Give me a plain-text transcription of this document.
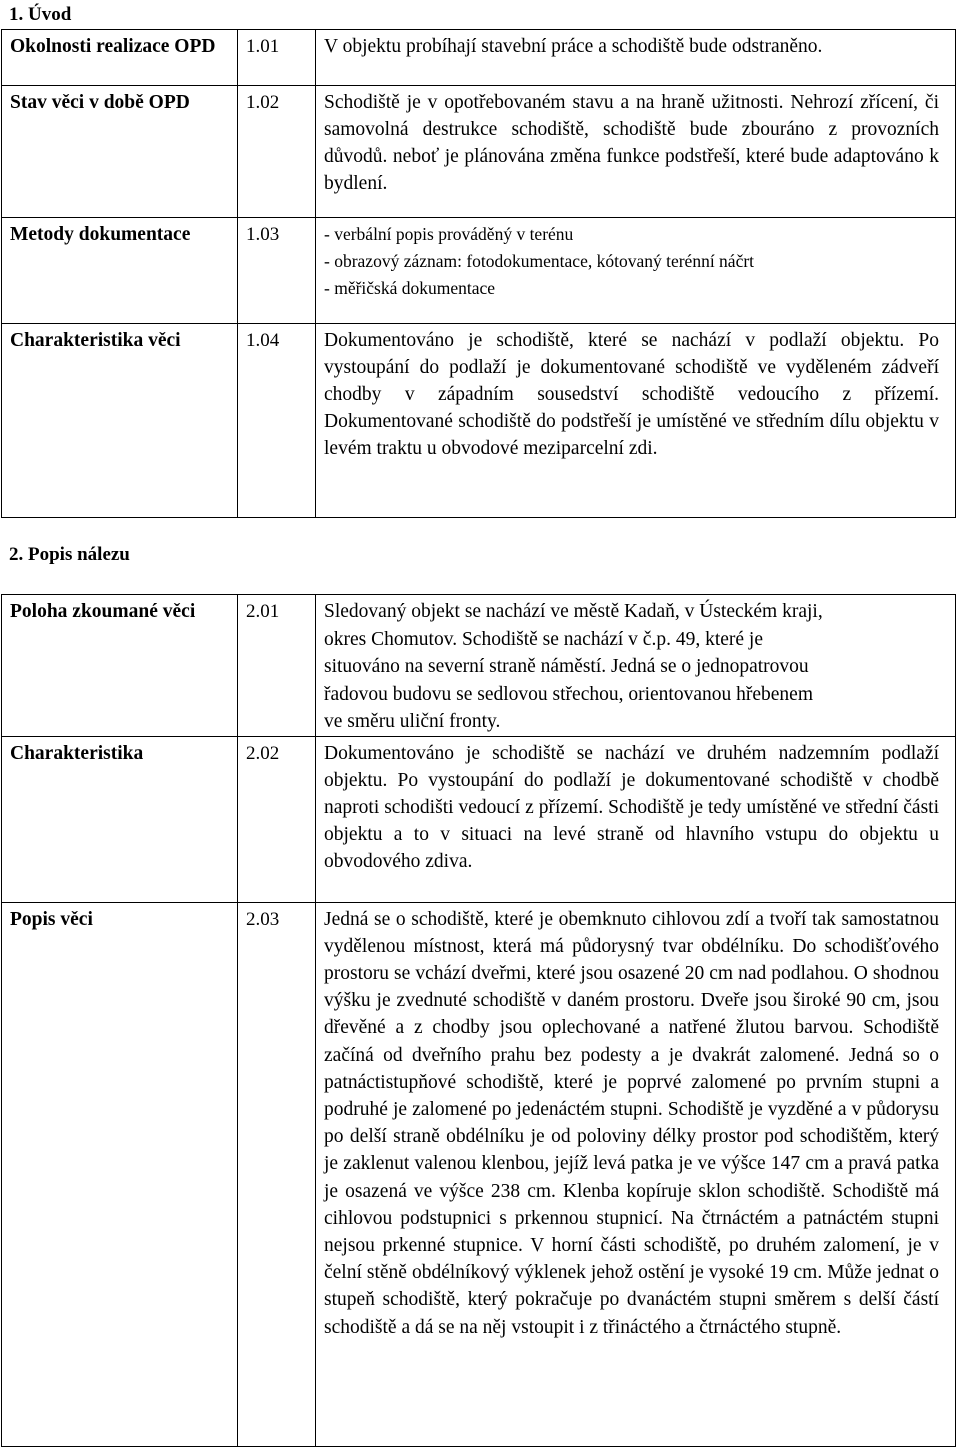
1. Úvod
Okolnosti realizace OPD	1.01	V objektu probíhají stavební práce a schodiště bude odstraněno.

Stav věci v době OPD	1.02	Schodiště je v opotřebovaném stavu a na hraně užitnosti. Nehrozí zřícení, či samovolná destrukce schodiště, schodiště bude zbouráno z provozních důvodů. neboť je plánována změna funkce podstřeší, které bude adaptováno k bydlení.

Metody dokumentace	1.03	- verbální popis prováděný v terénu
- obrazový záznam: fotodokumentace, kótovaný terénní náčrt
- měřičská dokumentace

Charakteristika věci	1.04	Dokumentováno je schodiště, které se nachází v podlaží objektu. Po vystoupání do podlaží je dokumentované schodiště ve vyděleném zádveří chodby v západním sousedství schodiště vedoucího z přízemí. Dokumentované schodiště do podstřeší je umístěné ve středním dílu objektu v levém traktu u obvodové meziparcelní zdi.
2. Popis nálezu
Poloha zkoumané věci	2.01	Sledovaný objekt se nachází ve městě Kadaň, v Ústeckém kraji,
okres Chomutov. Schodiště se nachází v č.p. 49, které je
situováno na severní straně náměstí. Jedná se o jednopatrovou
řadovou budovu se sedlovou střechou, orientovanou hřebenem
ve směru uliční fronty.

Charakteristika	2.02	Dokumentováno je schodiště se nachází ve druhém nadzemním podlaží objektu. Po vystoupání do podlaží je dokumentované schodiště v chodbě naproti schodišti vedoucí z přízemí. Schodiště je tedy umístěné ve střední části objektu a to v situaci na levé straně od hlavního vstupu do objektu u obvodového zdiva.

Popis věci	2.03	Jedná se o schodiště, které je obemknuto cihlovou zdí a tvoří tak samostatnou vydělenou místnost, která má půdorysný tvar obdélníku. Do schodišťového prostoru se vchází dveřmi, které jsou osazené 20 cm nad podlahou. O shodnou výšku je zvednuté schodiště v daném prostoru. Dveře jsou široké 90 cm, jsou dřevěné a z chodby jsou oplechované a natřené žlutou barvou. Schodiště začíná od dveřního prahu bez podesty a je dvakrát zalomené. Jedná so o patnáctistupňové schodiště, které je poprvé zalomené po prvním stupni a podruhé je zalomené po jedenáctém stupni. Schodiště je vyzděné a v půdorysu po delší straně obdélníku je od poloviny délky prostor pod schodištěm, který je zaklenut valenou klenbou, jejíž levá patka je ve výšce 147 cm a pravá patka je osazená ve výšce 238 cm. Klenba kopíruje sklon schodiště. Schodiště má cihlovou podstupnici s prkennou stupnicí. Na čtrnáctém a patnáctém stupni nejsou prkenné stupnice. V horní části schodiště, po druhém zalomení, je v čelní stěně obdélníkový výklenek jehož ostění je vysoké 19 cm. Může jednat o stupeň schodiště, který pokračuje po dvanáctém stupni směrem s delší částí schodiště a dá se na něj vstoupit i z třináctého a čtrnáctého stupně.
